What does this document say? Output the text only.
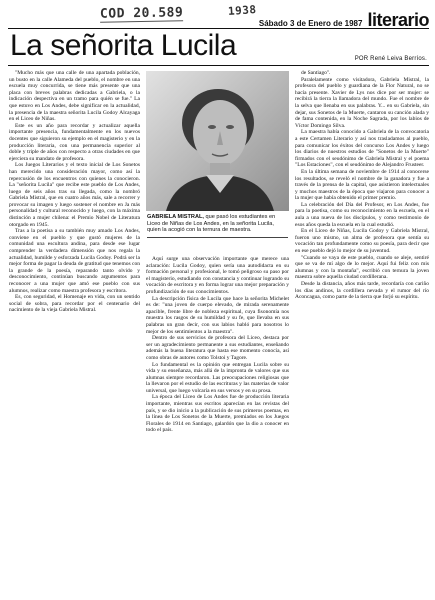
COD 20.589	1938
Sábado 3 de Enero de 1987 literario
La señorita Lucila	POR René Leiva Berríos.

"Mucho más que una calle de una apartada población, un busto en la calle Alameda del pueblo, el nombre en una escuela muy concurrida, se tiene más presente que una placa con breves palabras dedicadas a Gabriela, o la indicación despectiva en un tramo para quién se fue." La que estuvo en Los Andes, debe significar en la actualidad, la presencia de la maestra señorita Lucila Godoy Alcayaga en el Liceo de Niñas.

Este es un año para recordar y actualizar aquella importante presencia, fundamentalmente en los nuevos docentes que siguieron su ejemplo en el magisterio y en la producción literaria, con una permanencia superior al doble y triple de años con respecto a otras ciudades en que ejerciera su mandato de profesora.

Los Juegos Literarios y el texto inicial de Los Sonetos han merecido una consideración mayor, como así la repercusión de los encuentros con quienes la conocieron. La "señorita Lucila" que recibe este pueblo de Los Andes, luego de seis años tras su llegada, como la nombró Gabriela Mistral, que en cuatro años más, sale a recorrer y provocar su imagen y luego sostener el nombre en Ja más personalidad y cultural reconocido y luego, con la máxima distinción a mujer chilena: el Premio Nobel de Literatura otorgado en 1945.

Tras a la poetisa a su también muy amado Los Andes, conviene en el pueblo y que gustó mujeres de la comunidad una escultura andina, para desde ese lugar comprender la verdadera dimensión que nos regala la actualidad, humilde y esforzada Lucila Godoy. Podrá ser la mejor forma de pagar la deuda de gratitud que tenemos con la grande de la poesía, reparando tanto olvido y desconocimiento, continúan buscando argumentos para reconocer a una mujer que amó ese pueblo con sus alumnos, realizar como maestra profesora y escritora.

Es, con seguridad, el Homenaje en vida, con un sentido social de sobra, para recordar por el centenario del nacimiento de la vieja Gabriela Mistral.

GABRIELA MISTRAL, que pasó los estudiantes en Liceo de Niñas de Los Andes, en la señorita Lucila, quien la acogió con la ternura de maestra.

Aquí surge una observación importante que merece una aclaración: Lucila Godoy, quien sería una autodidacta en su formación personal y profesional, le tomó peligroso su paso por el magisterio, estudiando con constancia y continuar logrando su vocación de escritora y en forma lograr una mejor preparación y profundización de sus conocimientos.

La descripción física de Lucila que hace la señorita Michelet es de: "una joven de cuerpo elevado, de mirada serenamente apacible, frente libre de nobleza espiritual, cuya fisonomía nos muestra los rasgos de su humildad y su fe, que llevaba en sus palabras un gran decir, con sus labios habló para nosotros lo mejor de los sentimientos a la maestra".

Dentro de sus servicios de profesora del Liceo, destaca por ser un agradecimiento permanente a sus estudiantes, enseñando además la buena literatura que hasta ese momento conocía, así como obras de autores como Tolstoi y Tagore.

Lo fundamental es la opinión que entregan Lucila sobre su vida y su enseñanza, más allá de la impronta de valores que sus alumnas siempre recordaron. Las preocupaciones religiosas que la llevaron por el estudio de las escrituras y las materias de valor universal, que luego volcaría en sus versos y en su prosa.

La época del Liceo de Los Andes fue de producción literaria importante, mientras sus escritos aparecían en las revistas del país, y se dio inicio a la publicación de sus primeros poemas, en la línea de Los Sonetos de la Muerte, premiados en los Juegos Florales de 1914 en Santiago, galardón que la dio a conocer en todo el país.

de Santiago".

Paralelamente como visitadora, Gabriela Mistral, la profesora del pueblo y guardiana de la Flor Natural, no se hacía presente. Xavier de Lys nos dice por ser mujer: se recibirá la tierra la llamadora del mundo. Fue el nombre de la selva que llenaba en sus palabras. Y... en su Gabriela, sin dejar, sus Sonetos de la Muerte, cantaron su canción alada y de fama contenida, en la Noche Sagrada, por los labios de Víctor Domingo Silva.

La maestra había conocido a Gabriela de la convocatoria a este Certamen Literario y así nos trasladamos al pueblo, para comunicar los éxitos del concurso Los Andes y luego los diarios de nuestros estudios de "Sonetos de la Muerte" firmados con el seudónimo de Gabriela Mistral y el poema "Los Estaciones", con el seudónimo de Alejandro Frusteer.

En la última semana de noviembre de 1914 al conocerse los resultados, se reveló el nombre de la ganadora y fue a través de la prensa de la capital, que asistieron intelectuales y muchos maestros de la época que viajaron para conocer a la mujer que había obtenido el primer premio.

La celebración del Día del Profesor, en Los Andes, fue para la poetisa, como su reconocimiento en la escuela, en el aula a una nueva de los discípulos, y como testimonio de esos años queda la escuela en la cual estudió.

En el Liceo de Niñas, Lucila Godoy y Gabriela Mistral, fueron uno mismo, un alma de profesora que sentía su vocación tan profundamente como su poesía, para decir que en ese pueblo dejó lo mejor de su juventud.

"Cuando se vaya de este pueblo, cuando se aleje, sentiré que se va de mí algo de lo mejor. Aquí fui feliz con mis alumnas y con la montaña", escribió con ternura la joven maestra sobre aquella ciudad cordillerana.

Desde la distancia, años más tarde, recordaría con cariño los días andinos, la cordillera nevada y el rumor del río Aconcagua, como parte de la tierra que forjó su espíritu.
